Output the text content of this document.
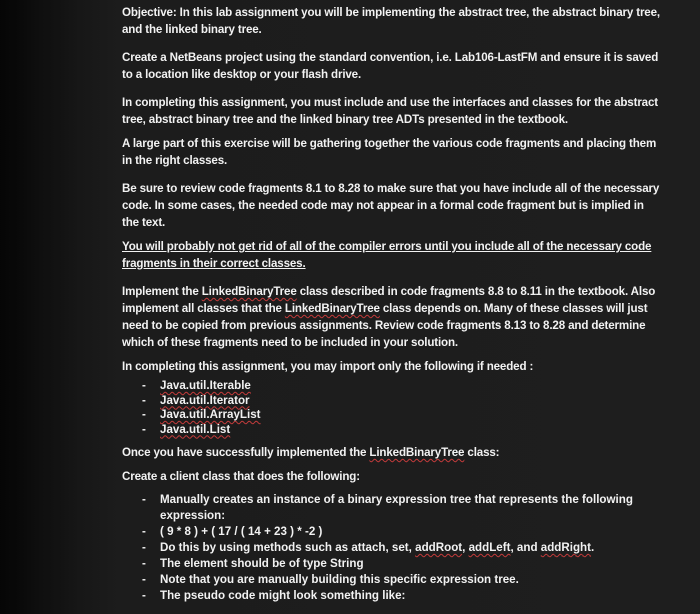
Objective: In this lab assignment you will be implementing the abstract tree, the abstract binary tree, and the linked binary tree.

Create a NetBeans project using the standard convention, i.e. Lab106-LastFM and ensure it is saved to a location like desktop or your flash drive.

In completing this assignment, you must include and use the interfaces and classes for the abstract tree, abstract binary tree and the linked binary tree ADTs presented in the textbook.

A large part of this exercise will be gathering together the various code fragments and placing them in the right classes.

Be sure to review code fragments 8.1 to 8.28 to make sure that you have include all of the necessary code. In some cases, the needed code may not appear in a formal code fragment but is implied in the text.

You will probably not get rid of all of the compiler errors until you include all of the necessary code fragments in their correct classes.

Implement the LinkedBinaryTree class described in code fragments 8.8 to 8.11 in the textbook. Also implement all classes that the LinkedBinaryTree class depends on. Many of these classes will just need to be copied from previous assignments. Review code fragments 8.13 to 8.28 and determine which of these fragments need to be included in your solution.

In completing this assignment, you may import only the following if needed :

- Java.util.Iterable
- Java.util.Iterator
- Java.util.ArrayList
- Java.util.List

Once you have successfully implemented the LinkedBinaryTree class:

Create a client class that does the following:

- Manually creates an instance of a binary expression tree that represents the following expression:
- ( 9 * 8 ) + ( 17 / ( 14 + 23 ) * -2 )
- Do this by using methods such as attach, set, addRoot, addLeft, and addRight.
- The element should be of type String
- Note that you are manually building this specific expression tree.
- The pseudo code might look something like:
